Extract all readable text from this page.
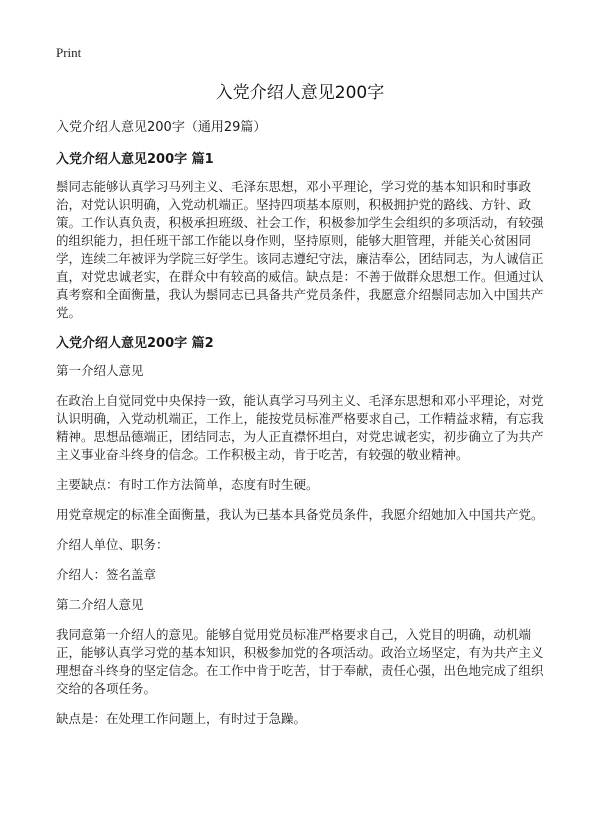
Print
入党介绍人意见200字
入党介绍人意见200字（通用29篇）
入党介绍人意见200字 篇1

鬃同志能够认真学习马列主义、毛泽东思想，邓小平理论，学习党的基本知识和时事政治，对党认识明确，入党动机端正。坚持四项基本原则，积极拥护党的路线、方针、政策。工作认真负责，积极承担班级、社会工作，积极参加学生会组织的多项活动，有较强的组织能力，担任班干部工作能以身作则，坚持原则，能够大胆管理，并能关心贫困同学，连续二年被评为学院三好学生。该同志遵纪守法，廉洁奉公，团结同志，为人诚信正直，对党忠诚老实，在群众中有较高的威信。缺点是：不善于做群众思想工作。但通过认真考察和全面衡量，我认为鬃同志已具备共产党员条件，我愿意介绍鬃同志加入中国共产党。

入党介绍人意见200字 篇2

第一介绍人意见

在政治上自觉同党中央保持一致，能认真学习马列主义、毛泽东思想和邓小平理论，对党认识明确，入党动机端正，工作上，能按党员标准严格要求自己，工作精益求精，有忘我精神。思想品德端正，团结同志，为人正直襟怀坦白，对党忠诚老实，初步确立了为共产主义事业奋斗终身的信念。工作积极主动，肯于吃苦，有较强的敬业精神。

主要缺点：有时工作方法简单，态度有时生硬。

用党章规定的标准全面衡量，我认为已基本具备党员条件，我愿介绍她加入中国共产党。

介绍人单位、职务：

介绍人：签名盖章

第二介绍人意见

我同意第一介绍人的意见。能够自觉用党员标准严格要求自己，入党目的明确，动机端正，能够认真学习党的基本知识，积极参加党的各项活动。政治立场坚定，有为共产主义理想奋斗终身的坚定信念。在工作中肯于吃苦，甘于奉献，责任心强，出色地完成了组织交给的各项任务。

缺点是：在处理工作问题上，有时过于急躁。
